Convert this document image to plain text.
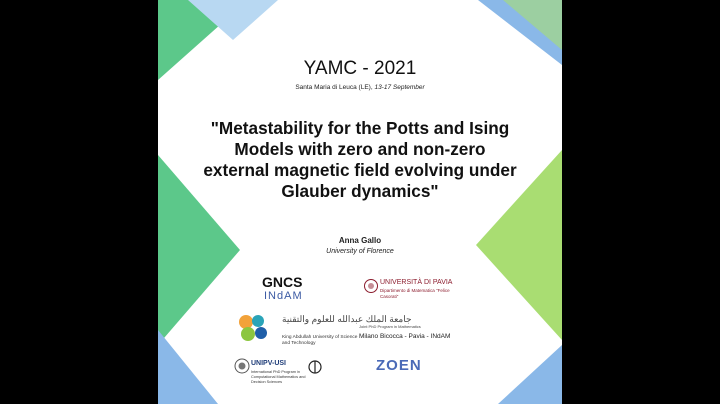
YAMC - 2021
Santa Maria di Leuca (LE), 13-17 September
"Metastability for the Potts and Ising
Models with zero and non-zero
external magnetic field evolving under
Glauber dynamics"
Anna Gallo
University of Florence
GNCS
INdAM
UNIVERSITÀ DI PAVIA
Dipartimento di Matematica "Felice Casorati"
جامعة الملك عبدالله للعلوم والتقنية
King Abdullah University of Science and Technology
Joint PhD Program in Mathematics
Milano Bicocca - Pavia - INdAM
UNIPV-USI
International PhD Program in Computational Mathematics and Decision Sciences
ZOEN
